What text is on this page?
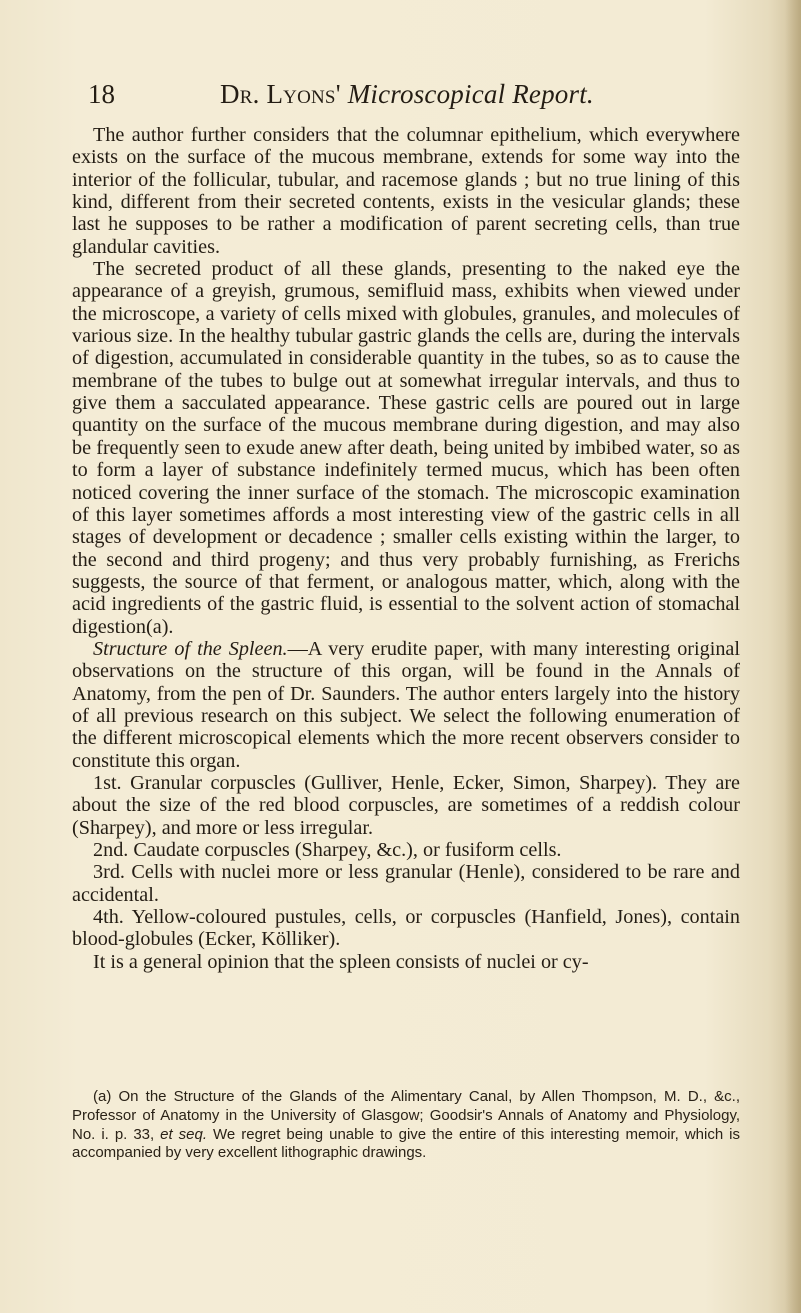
18	Dr. Lyons' Microscopical Report.

The author further considers that the columnar epithelium, which everywhere exists on the surface of the mucous membrane, extends for some way into the interior of the follicular, tubular, and racemose glands ; but no true lining of this kind, different from their secreted contents, exists in the vesicular glands; these last he supposes to be rather a modification of parent secreting cells, than true glandular cavities.

The secreted product of all these glands, presenting to the naked eye the appearance of a greyish, grumous, semifluid mass, exhibits when viewed under the microscope, a variety of cells mixed with globules, granules, and molecules of various size. In the healthy tubular gastric glands the cells are, during the intervals of digestion, accumulated in considerable quantity in the tubes, so as to cause the membrane of the tubes to bulge out at somewhat irregular intervals, and thus to give them a sacculated appearance. These gastric cells are poured out in large quantity on the surface of the mucous membrane during digestion, and may also be frequently seen to exude anew after death, being united by imbibed water, so as to form a layer of substance indefinitely termed mucus, which has been often noticed covering the inner surface of the stomach. The microscopic examination of this layer sometimes affords a most interesting view of the gastric cells in all stages of development or decadence ; smaller cells existing within the larger, to the second and third progeny; and thus very probably furnishing, as Frerichs suggests, the source of that ferment, or analogous matter, which, along with the acid ingredients of the gastric fluid, is essential to the solvent action of stomachal digestion(a).

Structure of the Spleen.—A very erudite paper, with many interesting original observations on the structure of this organ, will be found in the Annals of Anatomy, from the pen of Dr. Saunders. The author enters largely into the history of all previous research on this subject. We select the following enumeration of the different microscopical elements which the more recent observers consider to constitute this organ.

1st. Granular corpuscles (Gulliver, Henle, Ecker, Simon, Sharpey). They are about the size of the red blood corpuscles, are sometimes of a reddish colour (Sharpey), and more or less irregular.

2nd. Caudate corpuscles (Sharpey, &c.), or fusiform cells.

3rd. Cells with nuclei more or less granular (Henle), considered to be rare and accidental.

4th. Yellow-coloured pustules, cells, or corpuscles (Hanfield, Jones), contain blood-globules (Ecker, Kölliker).

It is a general opinion that the spleen consists of nuclei or cy-

(a) On the Structure of the Glands of the Alimentary Canal, by Allen Thompson, M. D., &c., Professor of Anatomy in the University of Glasgow; Goodsir's Annals of Anatomy and Physiology, No. i. p. 33, et seq. We regret being unable to give the entire of this interesting memoir, which is accompanied by very excellent lithographic drawings.
